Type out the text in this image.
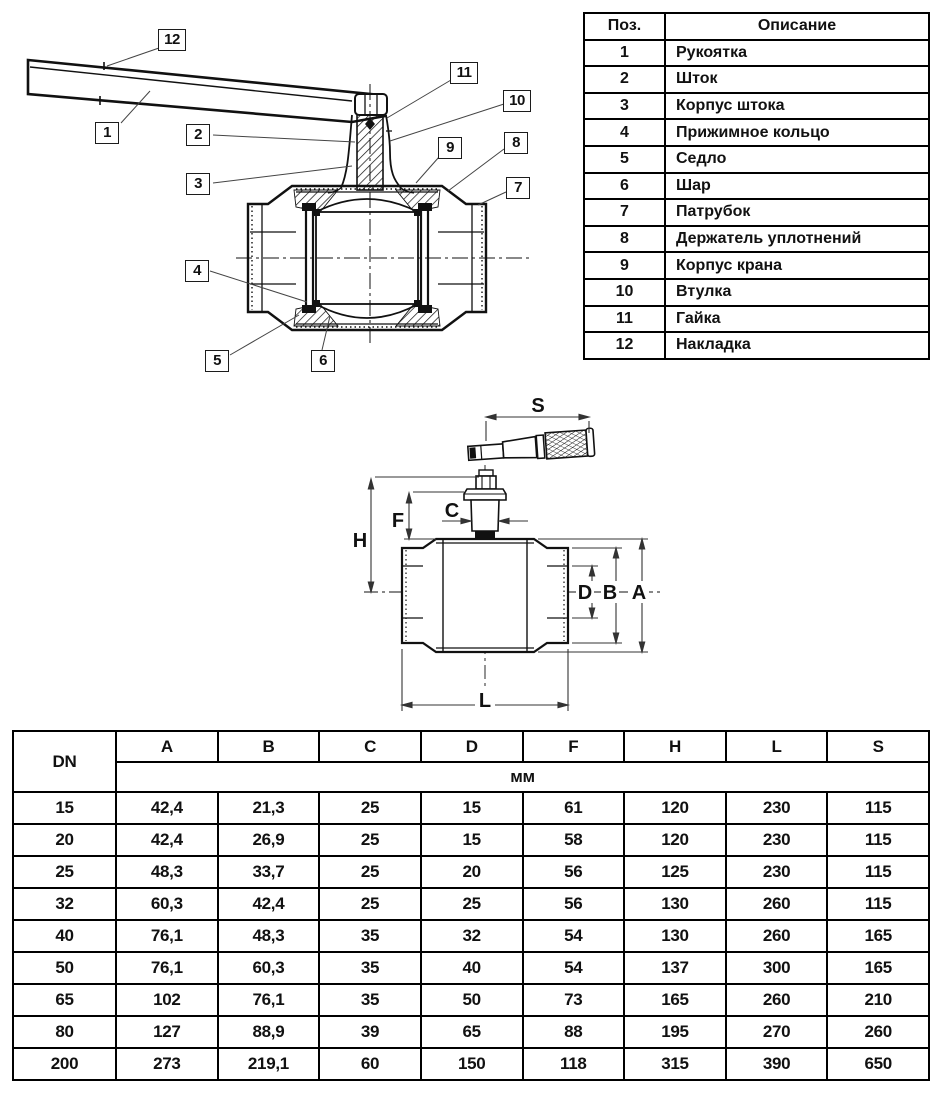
1	2
3
4
5	6
7
8
9
10
11
12
Поз.	Описание
1	Рукоятка
2	Шток
3	Корпус штока
4	Прижимное кольцо
5	Седло
6	Шар
7	Патрубок
8	Держатель уплотнений
9	Корпус крана
10	Втулка
11	Гайка
12	Накладка
S
H
F C
D B A
L
DN	A	B	C	D	F	H	L	S
	мм							
15	42,4	21,3	25	15	61	120	230	115
20	42,4	26,9	25	15	58	120	230	115
25	48,3	33,7	25	20	56	125	230	115
32	60,3	42,4	25	25	56	130	260	115
40	76,1	48,3	35	32	54	130	260	165
50	76,1	60,3	35	40	54	137	300	165
65	102	76,1	35	50	73	165	260	210
80	127	88,9	39	65	88	195	270	260
200	273	219,1	60	150	118	315	390	650
